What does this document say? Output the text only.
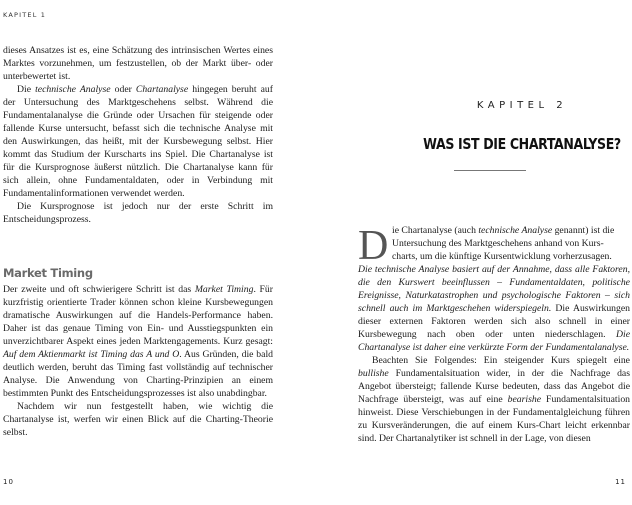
KAPITEL 1

dieses Ansatzes ist es, eine Schätzung des intrinsischen Wertes eines Marktes vorzunehmen, um festzustellen, ob der Markt über- oder unterbewertet ist.

Die technische Analyse oder Chartanalyse hingegen beruht auf der Untersuchung des Marktgeschehens selbst. Während die Fundamentalanalyse die Gründe oder Ursachen für steigende oder fallende Kurse untersucht, befasst sich die technische Analyse mit den Auswirkungen, das heißt, mit der Kursbewegung selbst. Hier kommt das Studium der Kurscharts ins Spiel. Die Chartanalyse ist für die Kursprognose äußerst nützlich. Die Chartanalyse kann für sich allein, ohne Fundamentaldaten, oder in Verbindung mit Fundamentalinformationen verwendet werden.

Die Kursprognose ist jedoch nur der erste Schritt im Entscheidungsprozess.

Market Timing

Der zweite und oft schwierigere Schritt ist das Market Timing. Für kurzfristig orientierte Trader können schon kleine Kursbewegungen dramatische Auswirkungen auf die Handels-Performance haben. Daher ist das genaue Timing von Ein- und Ausstiegspunkten ein unverzichtbarer Aspekt eines jeden Marktengagements. Kurz gesagt: Auf dem Aktienmarkt ist Timing das A und O. Aus Gründen, die bald deutlich werden, beruht das Timing fast vollständig auf technischer Analyse. Die Anwendung von Charting-Prinzipien an einem bestimmten Punkt des Entscheidungsprozesses ist also unabdingbar.

Nachdem wir nun festgestellt haben, wie wichtig die Chartanalyse ist, werfen wir einen Blick auf die Charting-Theorie selbst.

10
KAPITEL 2
WAS IST DIE CHARTANALYSE?
D ie Chartanalyse (auch technische Analyse genannt) ist die
Untersuchung des Marktgeschehens anhand von Kurs-
charts, um die künftige Kursentwicklung vorherzusagen.

Die technische Analyse basiert auf der Annahme, dass alle Faktoren, die den Kurswert beeinflussen – Fundamentaldaten, politische Ereignisse, Naturkatastrophen und psychologische Faktoren – sich schnell auch im Marktgeschehen widerspiegeln. Die Auswirkungen dieser externen Faktoren werden sich also schnell in einer Kursbewegung nach oben oder unten niederschlagen. Die Chartanalyse ist daher eine verkürzte Form der Fundamentalanalyse.

Beachten Sie Folgendes: Ein steigender Kurs spiegelt eine bullishe Fundamentalsituation wider, in der die Nachfrage das Angebot übersteigt; fallende Kurse bedeuten, dass das Angebot die Nachfrage übersteigt, was auf eine bearishe Fundamentalsituation hinweist. Diese Verschiebungen in der Fundamentalgleichung führen zu Kursveränderungen, die auf einem Kurs-Chart leicht erkennbar sind. Der Chartanalytiker ist schnell in der Lage, von diesen

11
